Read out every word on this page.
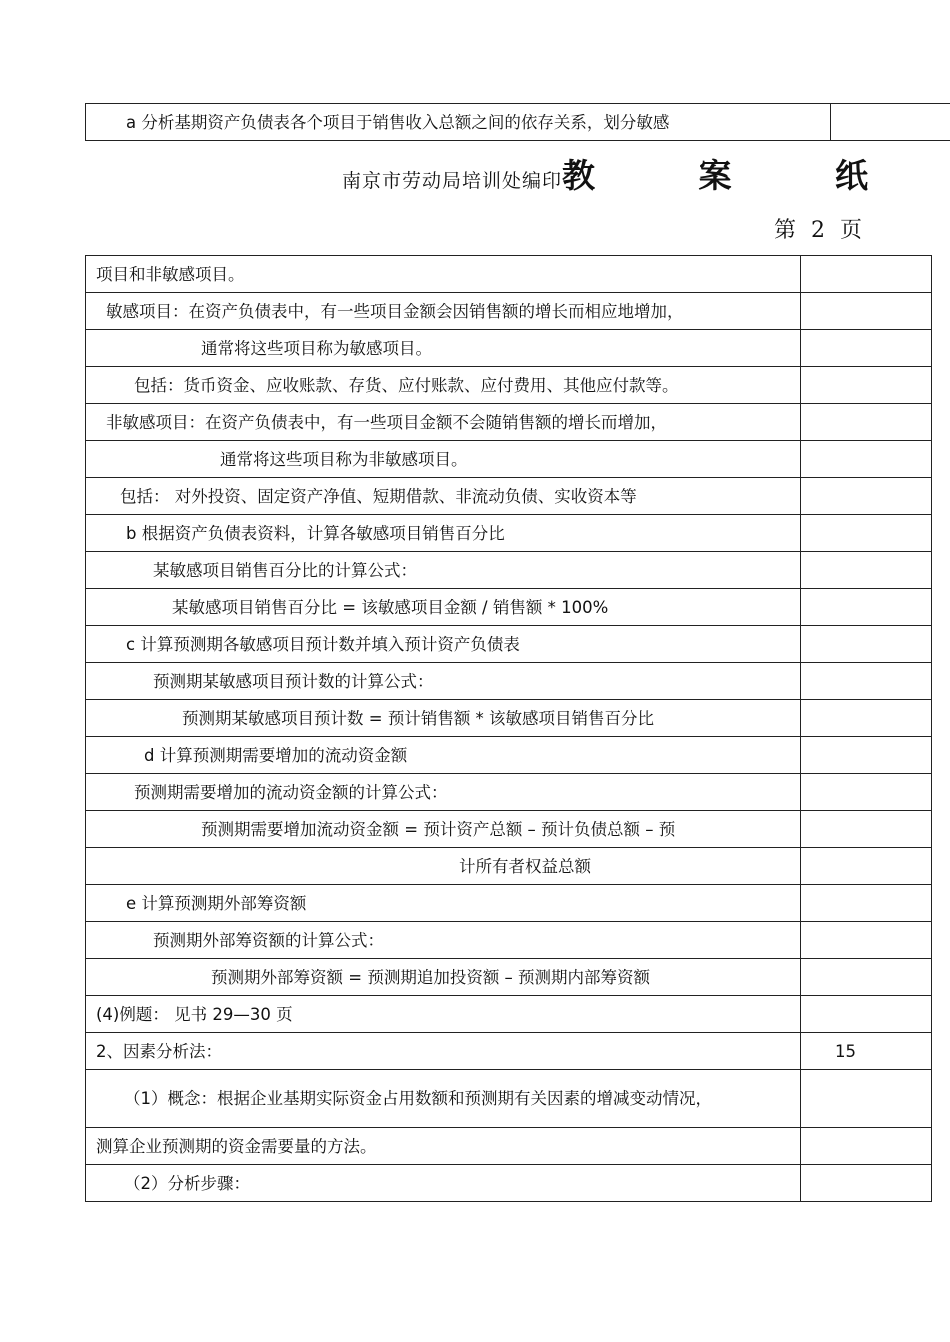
a 分析基期资产负债表各个项目于销售收入总额之间的依存关系，划分敏感	
南京市劳动局培训处编印 教 案 纸
第 2 页
项目和非敏感项目。	
敏感项目：在资产负债表中，有一些项目金额会因销售额的增长而相应地增加，	
通常将这些项目称为敏感项目。	
包括：货币资金、应收账款、存货、应付账款、应付费用、其他应付款等。	
非敏感项目：在资产负债表中，有一些项目金额不会随销售额的增长而增加，	
通常将这些项目称为非敏感项目。	
包括： 对外投资、固定资产净值、短期借款、非流动负债、实收资本等	
b 根据资产负债表资料，计算各敏感项目销售百分比	
某敏感项目销售百分比的计算公式：	
某敏感项目销售百分比 = 该敏感项目金额 / 销售额 * 100%	
c 计算预测期各敏感项目预计数并填入预计资产负债表	
预测期某敏感项目预计数的计算公式：	
预测期某敏感项目预计数 = 预计销售额 * 该敏感项目销售百分比	
d 计算预测期需要增加的流动资金额	
预测期需要增加的流动资金额的计算公式：	
预测期需要增加流动资金额 = 预计资产总额 – 预计负债总额 – 预	
计所有者权益总额	
e 计算预测期外部筹资额	
预测期外部筹资额的计算公式：	
预测期外部筹资额 = 预测期追加投资额 – 预测期内部筹资额	
(4)例题： 见书 29—30 页	
2、因素分析法：	15
（1）概念：根据企业基期实际资金占用数额和预测期有关因素的增减变动情况，	
测算企业预测期的资金需要量的方法。	
（2）分析步骤：	
